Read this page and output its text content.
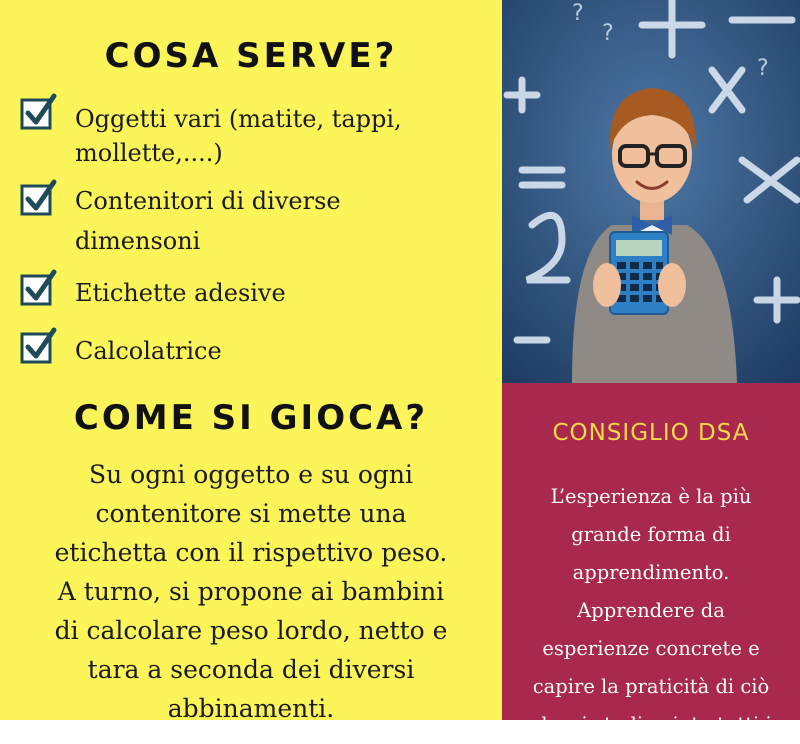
COSA SERVE?
Oggetti vari (matite, tappi,
mollette,....)
Contenitori di diverse
dimensoni
Etichette adesive
Calcolatrice
COME SI GIOCA?
Su ogni oggetto e su ogni
contenitore si mette una
etichetta con il rispettivo peso.
A turno, si propone ai bambini
di calcolare peso lordo, netto e
tara a seconda dei diversi
abbinamenti.
?
?
?
CONSIGLIO DSA
L’esperienza è la più
grande forma di
apprendimento.
Apprendere da
esperienze concrete e
capire la praticità di ciò
che si studia aiuta tutti i
